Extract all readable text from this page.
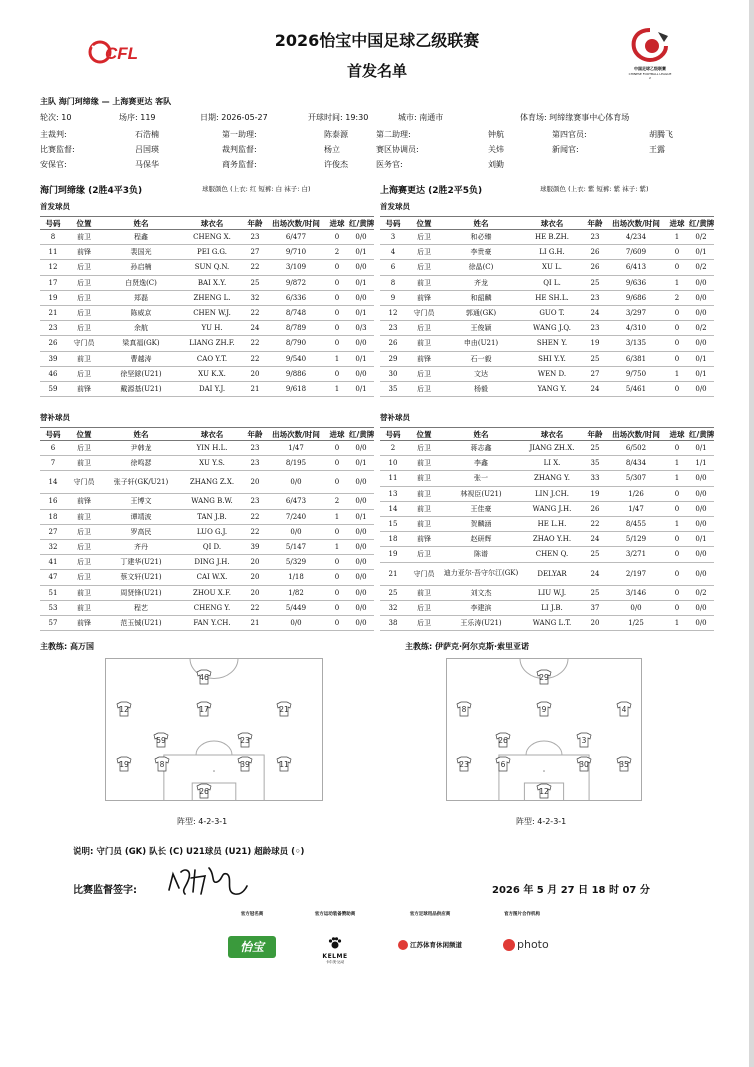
CFL
中国足球乙级联赛
CHINESE FOOTBALL LEAGUE 2
2026怡宝中国足球乙级联赛
首发名单
主队 海门珂缔缘 — 上海赛更达 客队
轮次: 10	场序: 119	日期: 2026-05-27	开球时间: 19:30	城市: 南通市	体育场: 珂缔缘赛事中心体育场
主裁判:	石浩楠	第一助理:	陈泰源	第二助理:	钟航	第四官员:	胡腾飞
比赛监督:	吕国瑛	裁判监督:	杨立	赛区协调员:	关炜	新闻官:	王露
安保官:	马保华	商务监督:	许俊杰	医务官:	刘勤
海门珂缔缘 (2胜4平3负)	球服颜色 (上衣: 红 短裤: 白 袜子: 白)
首发球员
号码	位置	姓名	球衣名	年龄	出场次数/时间	进球	红/黄牌
8	前卫	程鑫	CHENG X.	23	6/477	0	0/0
11	前锋	裴国光	PEI G.G.	27	9/710	2	0/1
12	后卫	孙启楠	SUN Q.N.	22	3/109	0	0/0
17	后卫	白贤逸(C)	BAI X.Y.	25	9/872	0	0/1
19	后卫	郑磊	ZHENG L.	32	6/336	0	0/0
21	后卫	陈威京	CHEN W.J.	22	8/748	0	0/1
23	后卫	余航	YU H.	24	8/789	0	0/3
26	守门员	梁真福(GK)	LIANG ZH.F.	22	8/790	0	0/0
39	前卫	曹越涛	CAO Y.T.	22	9/540	1	0/1
46	后卫	徐坚銶(U21)	XU K.X.	20	9/886	0	0/0
59	前锋	戴源基(U21)	DAI Y.J.	21	9/618	1	0/1
替补球员
号码	位置	姓名	球衣名	年龄	出场次数/时间	进球	红/黄牌
6	后卫	尹韩龙	YIN H.L.	23	1/47	0	0/0
7	前卫	徐鸣瑟	XU Y.S.	23	8/195	0	0/1
14	守门员	张子轩(GK/U21)	ZHANG Z.X.	20	0/0	0	0/0
16	前锋	王博文	WANG B.W.	23	6/473	2	0/0
18	前卫	谭靖波	TAN J.B.	22	7/240	1	0/1
27	后卫	罗高民	LUO G.J.	22	0/0	0	0/0
32	后卫	齐丹	QI D.	39	5/147	1	0/0
41	后卫	丁建华(U21)	DING J.H.	20	5/329	0	0/0
47	后卫	蔡文轩(U21)	CAI W.X.	20	1/18	0	0/0
51	前卫	周贤锋(U21)	ZHOU X.F.	20	1/82	0	0/0
53	前卫	程艺	CHENG Y.	22	5/449	0	0/0
57	前锋	范玉铖(U21)	FAN Y.CH.	21	0/0	0	0/0
上海赛更达 (2胜2平5负)	球服颜色 (上衣: 紫 短裤: 紫 袜子: 紫)
首发球员
号码	位置	姓名	球衣名	年龄	出场次数/时间	进球	红/黄牌
3	后卫	和必臻	HE B.ZH.	23	4/234	1	0/2
4	后卫	李贵豪	LI G.H.	26	7/609	0	0/1
6	后卫	徐晶(C)	XU L.	26	6/413	0	0/2
8	前卫	齐龙	QI L.	25	9/636	1	0/0
9	前锋	和韶麟	HE SH.L.	23	9/686	2	0/0
12	守门员	郭通(GK)	GUO T.	24	3/297	0	0/0
23	后卫	王俊颖	WANG J.Q.	23	4/310	0	0/2
26	前卫	申由(U21)	SHEN Y.	19	3/135	0	0/0
29	前锋	石一毅	SHI Y.Y.	25	6/381	0	0/1
30	后卫	文达	WEN D.	27	9/750	1	0/1
35	后卫	杨毅	YANG Y.	24	5/461	0	0/0
替补球员
号码	位置	姓名	球衣名	年龄	出场次数/时间	进球	红/黄牌
2	后卫	蒋志鑫	JIANG ZH.X.	25	6/502	0	0/1
10	前卫	李鑫	LI X.	35	8/434	1	1/1
11	前卫	张一	ZHANG Y.	33	5/307	1	0/0
13	前卫	林视臣(U21)	LIN J.CH.	19	1/26	0	0/0
14	前卫	王佳豪	WANG J.H.	26	1/47	0	0/0
15	前卫	贺麟涵	HE L.H.	22	8/455	1	0/0
18	前锋	赵研辉	ZHAO Y.H.	24	5/129	0	0/1
19	后卫	陈谱	CHEN Q.	25	3/271	0	0/0
21	守门员	迪力亚尔·吾守尔江(GK)	DELYAR	24	2/197	0	0/0
25	前卫	刘文杰	LIU W.J.	25	3/146	0	0/2
32	后卫	李建滨	LI J.B.	37	0/0	0	0/0
38	后卫	王乐涛(U21)	WANG L.T.	20	1/25	1	0/0
主教练: 高万国	主教练: 伊萨克·阿尔克斯·索里亚诺
46
12	17	21
59	23
19	8	39	11
26
29
8	9	4
26	3
23	6	30	35
12
阵型: 4-2-3-1	阵型: 4-2-3-1
说明: 守门员 (GK) 队长 (C) U21球员 (U21) 超龄球员 (◦)
比赛监督签字:	2026 年 5 月 27 日 18 时 07 分
官方冠名商	官方运动装备赞助商	官方足球用品供应商	官方图片合作机构
怡宝
KELME
卡尔美·运动
江苏体育休闲频道	photo
